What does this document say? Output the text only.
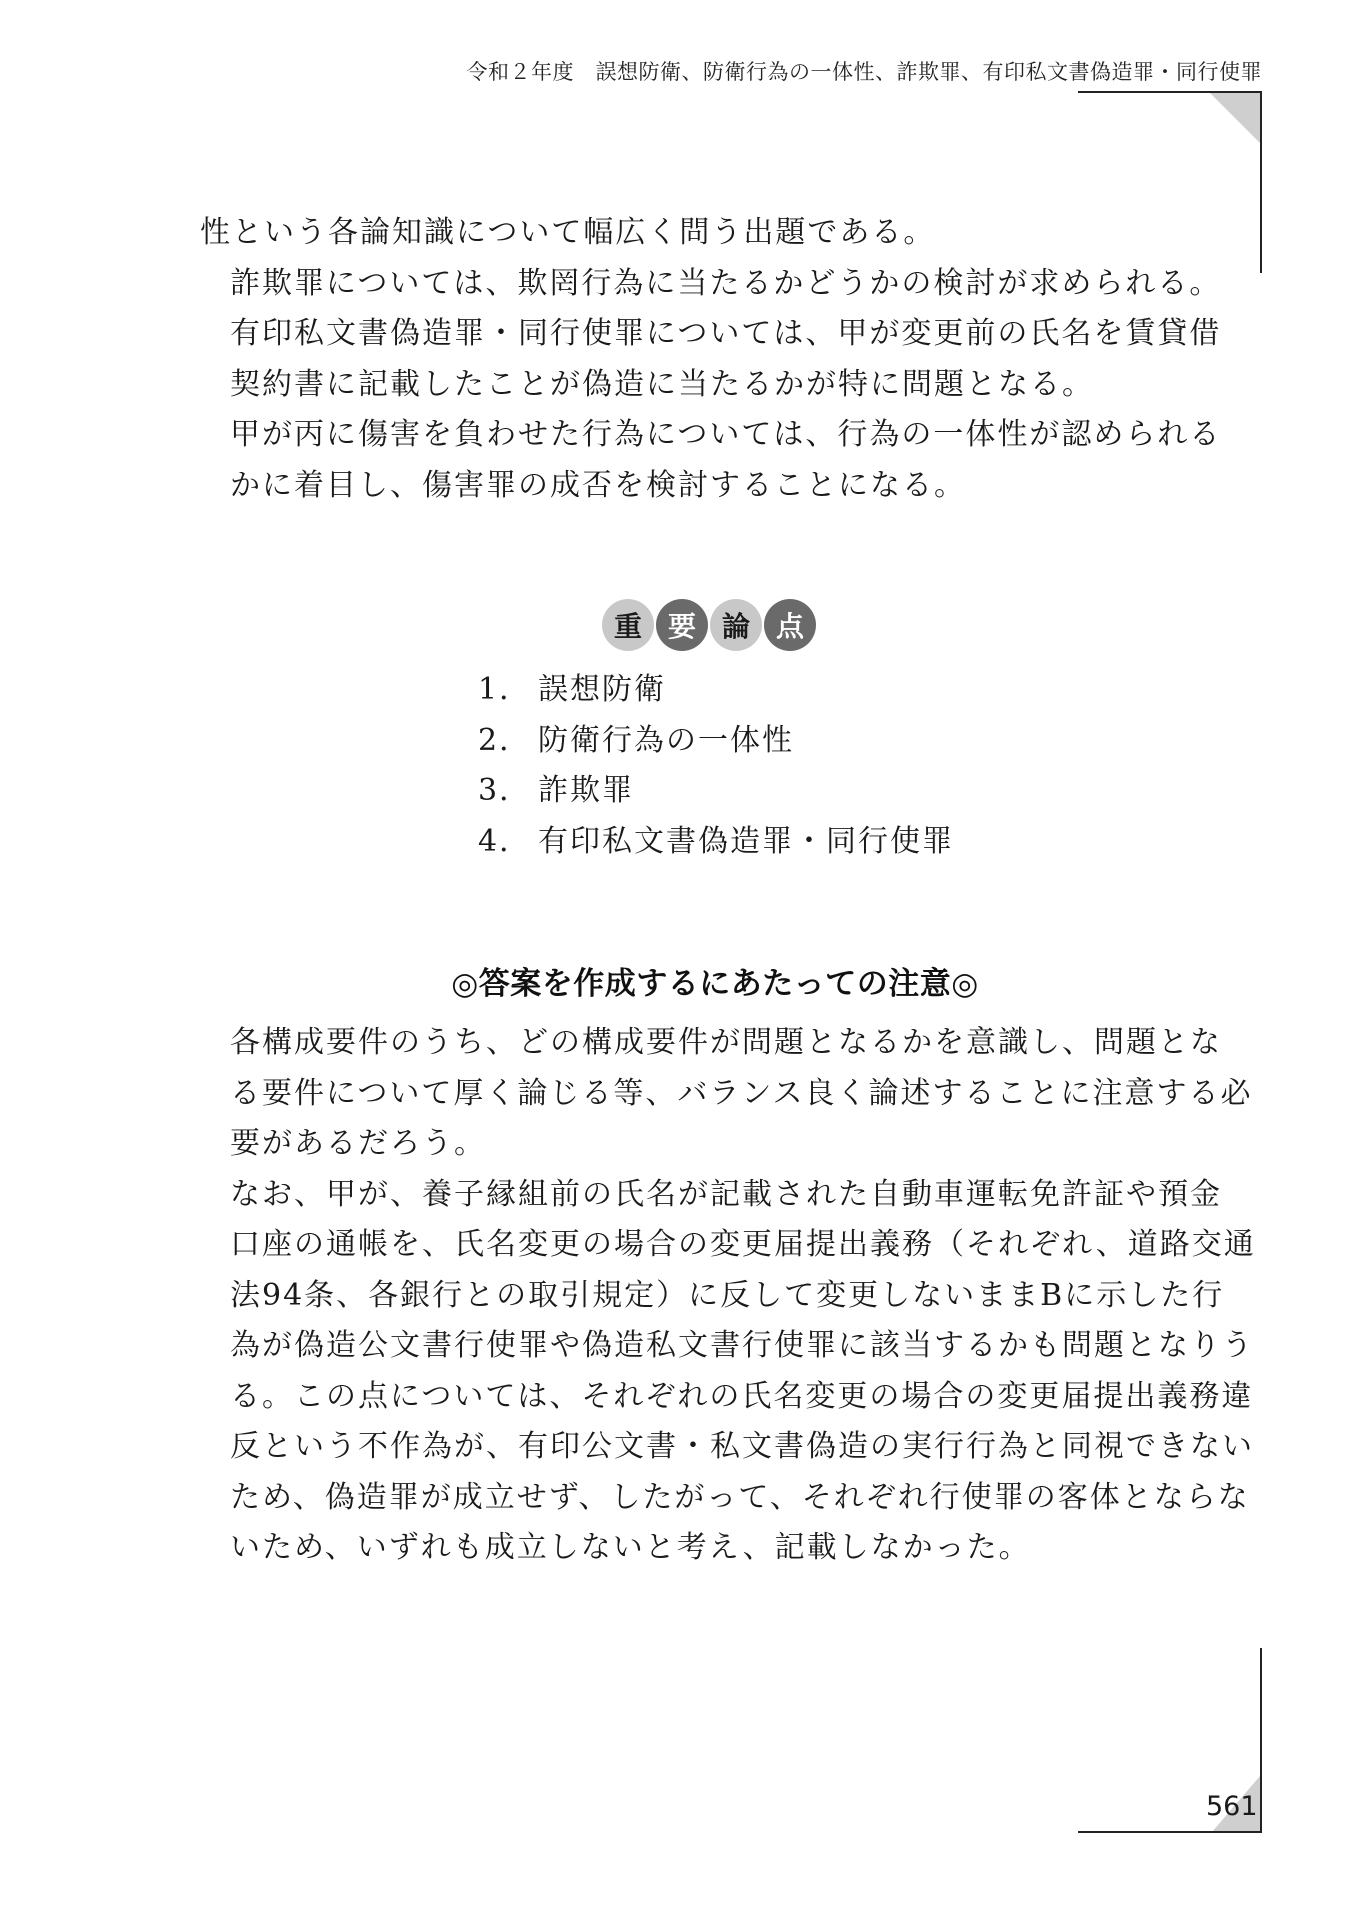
令和２年度　誤想防衛、防衛行為の一体性、詐欺罪、有印私文書偽造罪・同行使罪

性という各論知識について幅広く問う出題である。

詐欺罪については、欺罔行為に当たるかどうかの検討が求められる。

有印私文書偽造罪・同行使罪については、甲が変更前の氏名を賃貸借
契約書に記載したことが偽造に当たるかが特に問題となる。

甲が丙に傷害を負わせた行為については、行為の一体性が認められる
かに着目し、傷害罪の成否を検討することになる。

重 要 論 点
1． 誤想防衛
2． 防衛行為の一体性
3． 詐欺罪
4． 有印私文書偽造罪・同行使罪
◎答案を作成するにあたっての注意◎

各構成要件のうち、どの構成要件が問題となるかを意識し、問題とな
る要件について厚く論じる等、バランス良く論述することに注意する必
要があるだろう。

なお、甲が、養子縁組前の氏名が記載された自動車運転免許証や預金
口座の通帳を、氏名変更の場合の変更届提出義務（それぞれ、道路交通
法94条、各銀行との取引規定）に反して変更しないままBに示した行
為が偽造公文書行使罪や偽造私文書行使罪に該当するかも問題となりう
る。この点については、それぞれの氏名変更の場合の変更届提出義務違
反という不作為が、有印公文書・私文書偽造の実行行為と同視できない
ため、偽造罪が成立せず、したがって、それぞれ行使罪の客体とならな
いため、いずれも成立しないと考え、記載しなかった。

561
